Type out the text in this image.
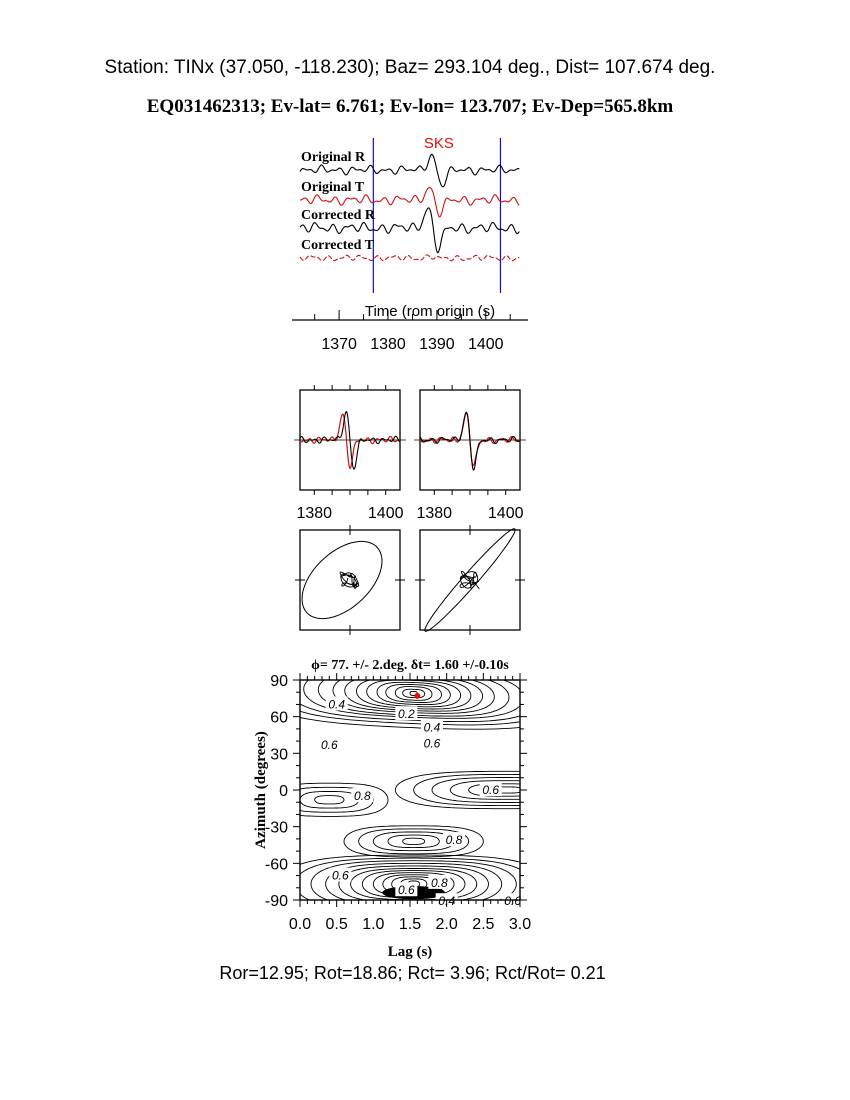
Station: TINx (37.050, -118.230); Baz= 293.104 deg., Dist= 107.674 deg.
EQ031462313; Ev-lat= 6.761; Ev-lon= 123.707; Ev-Dep=565.8km
SKS
Original R
Original T
Corrected R
Corrected T
1370 1380 1390 1400
Time (rom origin (s)
1380 1400 1380 1400
ϕ= 77. +/- 2.deg. δt= 1.60 +/-0.10s
0.4
0.2
0.4
0.6
0.6
0.8	0.6
0.8
0.6
0.8
0.6
0.4	0.6
0.0 0.5 1.0 1.5 2.0 2.5 3.0
90
60
30
0
-30
-60
-90
Lag (s)
Azimuth (degrees)
Ror=12.95; Rot=18.86; Rct= 3.96; Rct/Rot= 0.21
